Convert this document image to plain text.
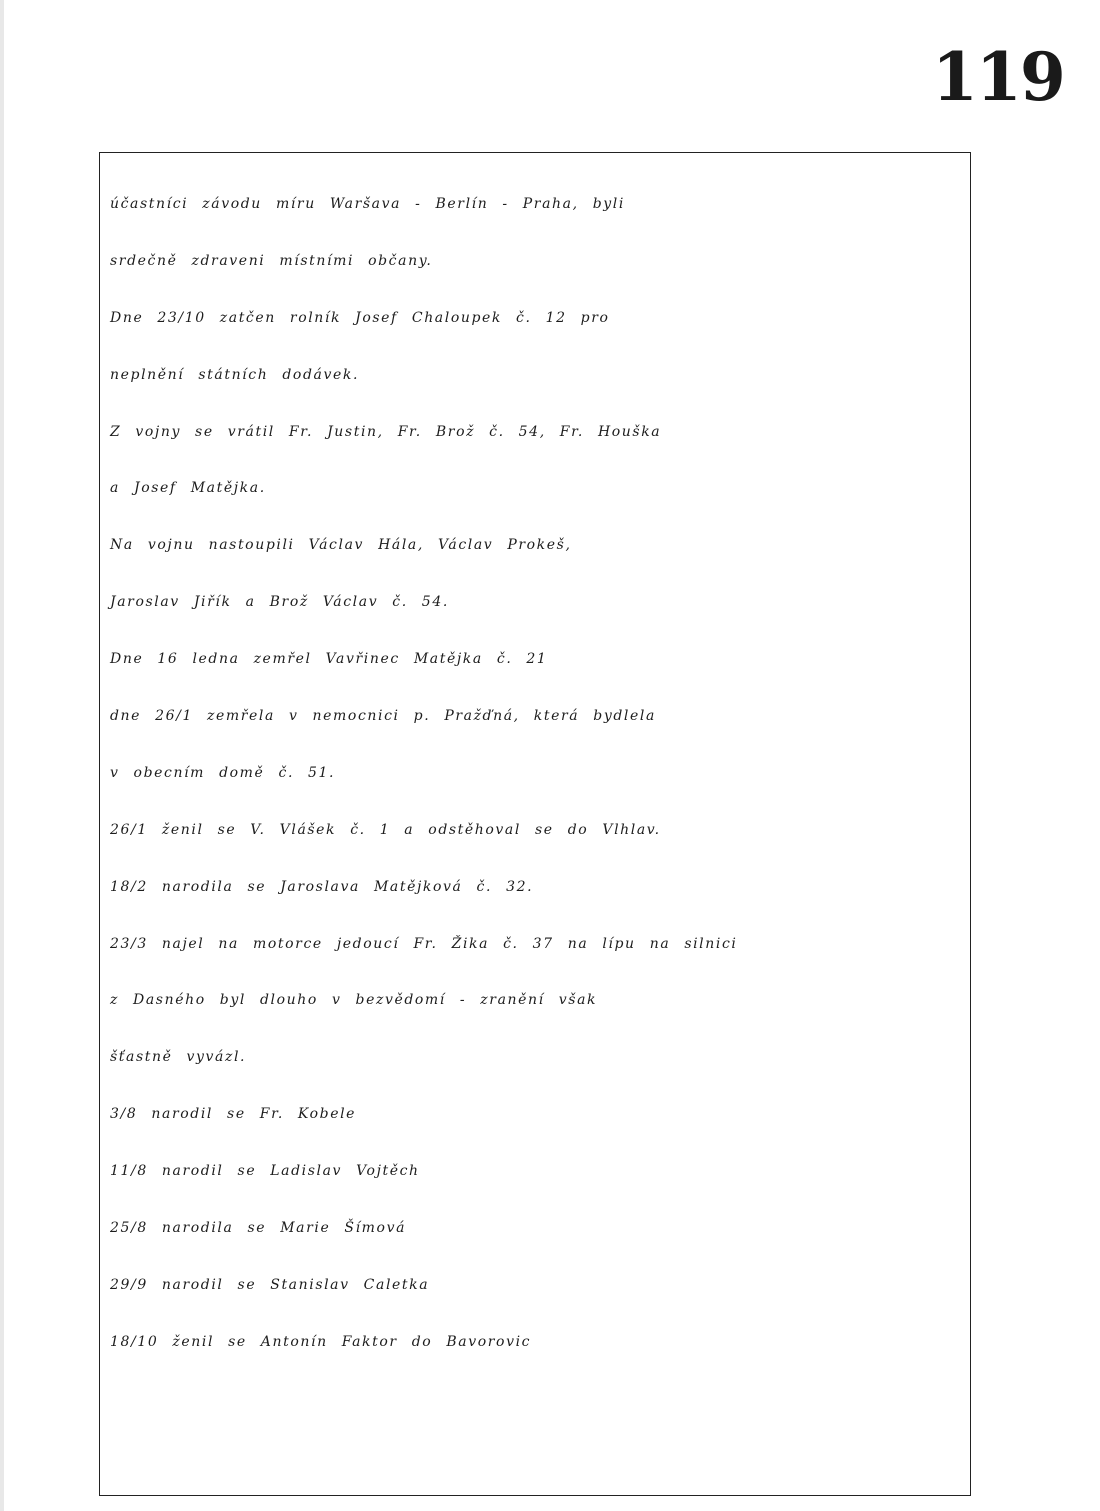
119
účastníci závodu míru Waršava - Berlín - Praha, byli
srdečně zdraveni místními občany.
Dne 23/10 zatčen rolník Josef Chaloupek č. 12 pro
neplnění státních dodávek.
Z vojny se vrátil Fr. Justin, Fr. Brož č. 54, Fr. Houška
a Josef Matějka.
Na vojnu nastoupili Václav Hála, Václav Prokeš,
Jaroslav Jiřík a Brož Václav č. 54.
Dne 16 ledna zemřel Vavřinec Matějka č. 21
dne 26/1 zemřela v nemocnici p. Pražďná, která bydlela
v obecním domě č. 51.
26/1 ženil se V. Vlášek č. 1 a odstěhoval se do Vlhlav.
18/2 narodila se Jaroslava Matějková č. 32.
23/3 najel na motorce jedoucí Fr. Žika č. 37 na lípu na silnici
z Dasného byl dlouho v bezvědomí - zranění však
šťastně vyvázl.
3/8 narodil se Fr. Kobele
11/8 narodil se Ladislav Vojtěch
25/8 narodila se Marie Šímová
29/9 narodil se Stanislav Caletka
18/10 ženil se Antonín Faktor do Bavorovic
